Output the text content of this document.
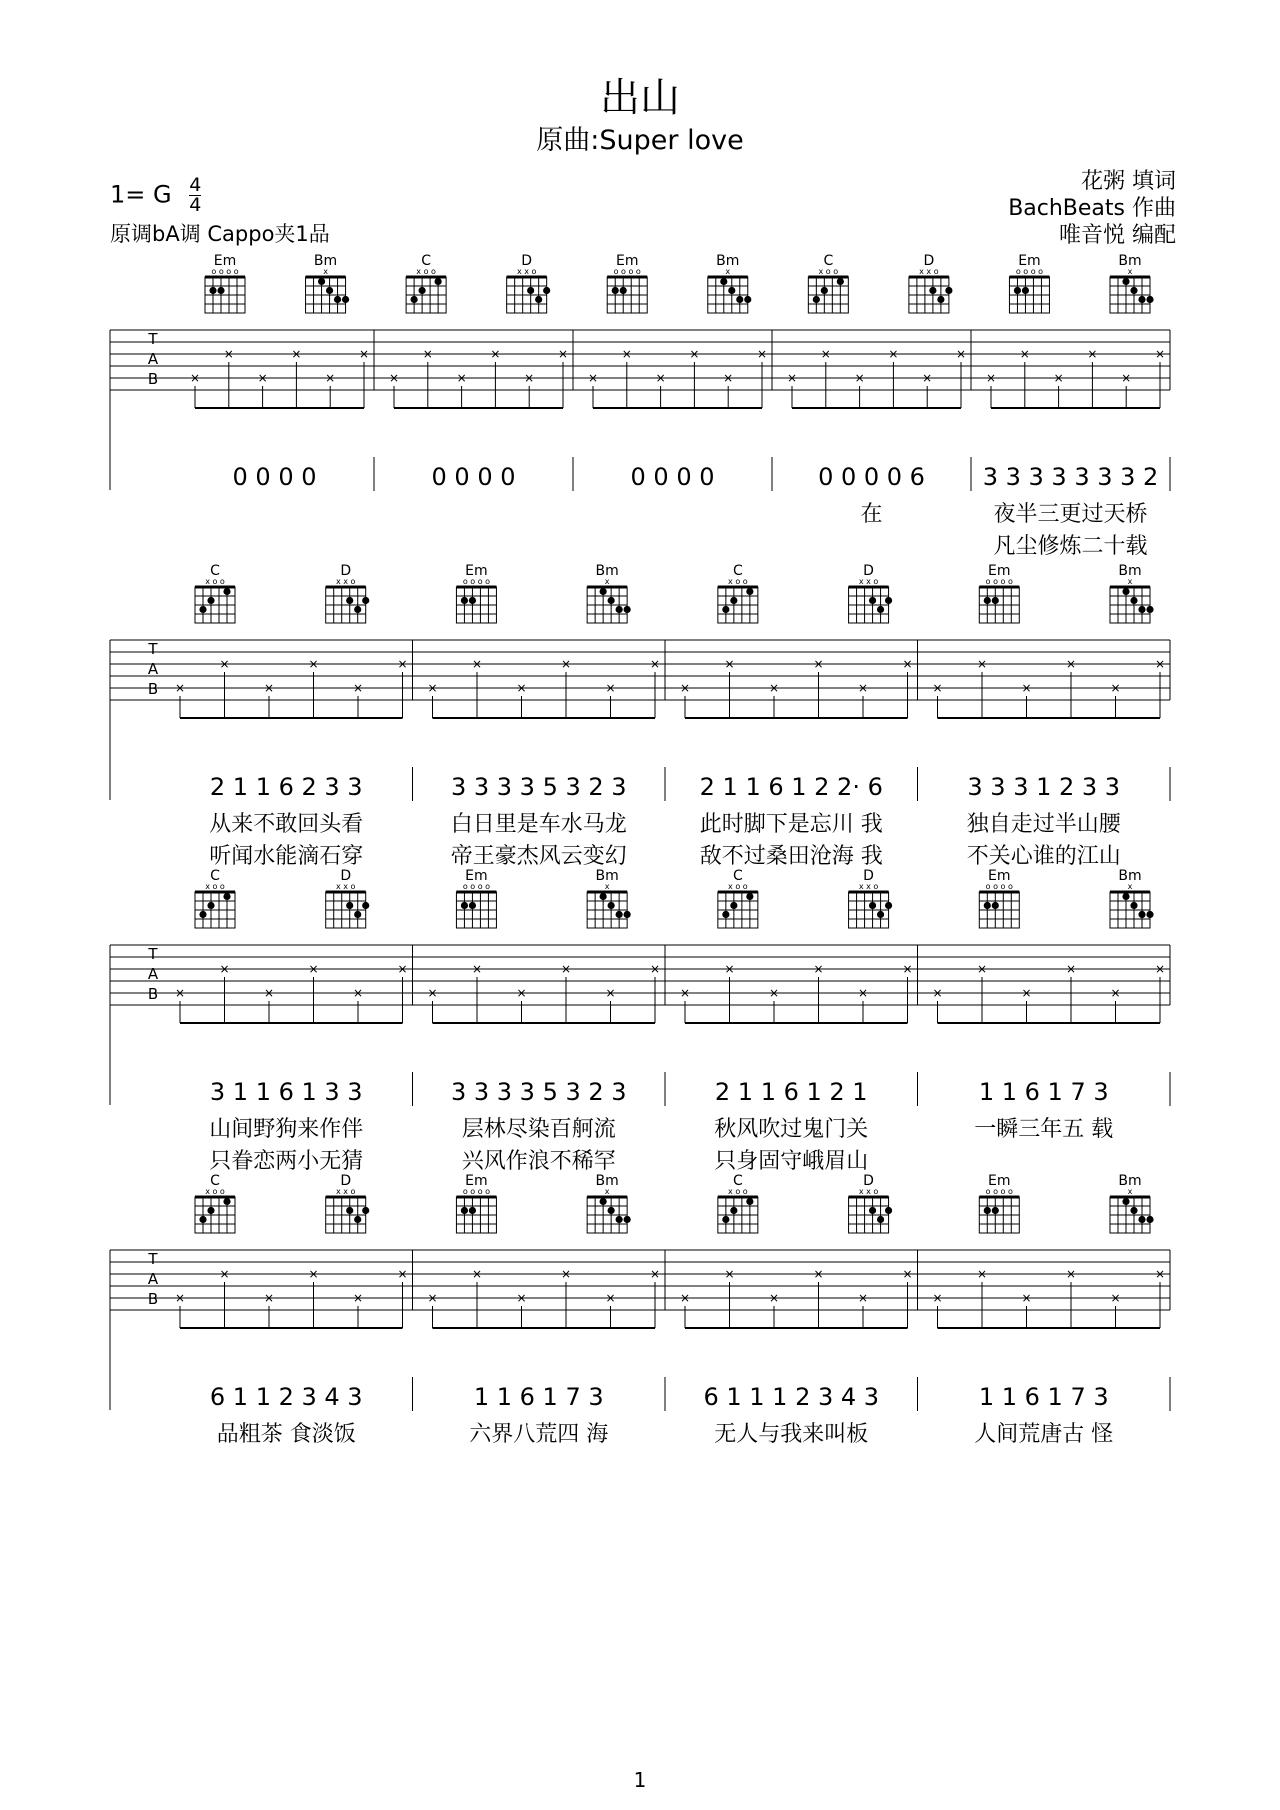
出山
原曲:Super love
1= G $\frac{4}{4}$
原调bA调 Cappo夹1品
花粥 填词
BachBeats 作曲
唯音悦 编配
Em
o o o o
Bm
x
C
x o o
D
x x o
Em
o o o o
Bm
x
C
x o o
D
x x o
Em
o o o o
Bm
x
T
A
B	×
×
×
×
×
×
×
×
×
×
×
×
×
×
×
×
×
×
×
×
×
×
×
×
×
×
×
×
×
×
0 0 0 0	0 0 0 0	0 0 0 0	0 0 0 0 6
在
3 3 3 3 3 3 3 2
夜半三更过天桥
凡尘修炼二十载
C
x o o
D
x x o
Em
o o o o
Bm
x
C
x o o
D
x x o
Em
o o o o
Bm
x
T
A
B ×
×
×
×
×
×
×
×
×
×
×
×
×
×
×
×
×
×
×
×
×
×
×
×
2 1 1 6 2 3 3
从来不敢回头看
听闻水能滴石穿
3 3 3 3 5 3 2 3
白日里是车水马龙
帝王豪杰风云变幻
2 1 1 6 1 2 2· 6
此时脚下是忘川 我
敌不过桑田沧海 我
3 3 3 1 2 3 3
独自走过半山腰
不关心谁的江山
C
x o o
D
x x o
Em
o o o o
Bm
x
C
x o o
D
x x o
Em
o o o o
Bm
x
T
A
B ×
×
×
×
×
×
×
×
×
×
×
×
×
×
×
×
×
×
×
×
×
×
×
×
3 1 1 6 1 3 3
山间野狗来作伴
只眷恋两小无猜
3 3 3 3 5 3 2 3
层林尽染百舸流
兴风作浪不稀罕
2 1 1 6 1 2 1
秋风吹过鬼门关
只身固守峨眉山
1 1 6 1 7 3
一瞬三年五 载
C
x o o
D
x x o
Em
o o o o
Bm
x
C
x o o
D
x x o
Em
o o o o
Bm
x
T
A
B ×
×
×
×
×
×
×
×
×
×
×
×
×
×
×
×
×
×
×
×
×
×
×
×
6 1 1 2 3 4 3
品粗茶 食淡饭
1 1 6 1 7 3
六界八荒四 海
6 1 1 1 2 3 4 3
无人与我来叫板
1 1 6 1 7 3
人间荒唐古 怪
1
